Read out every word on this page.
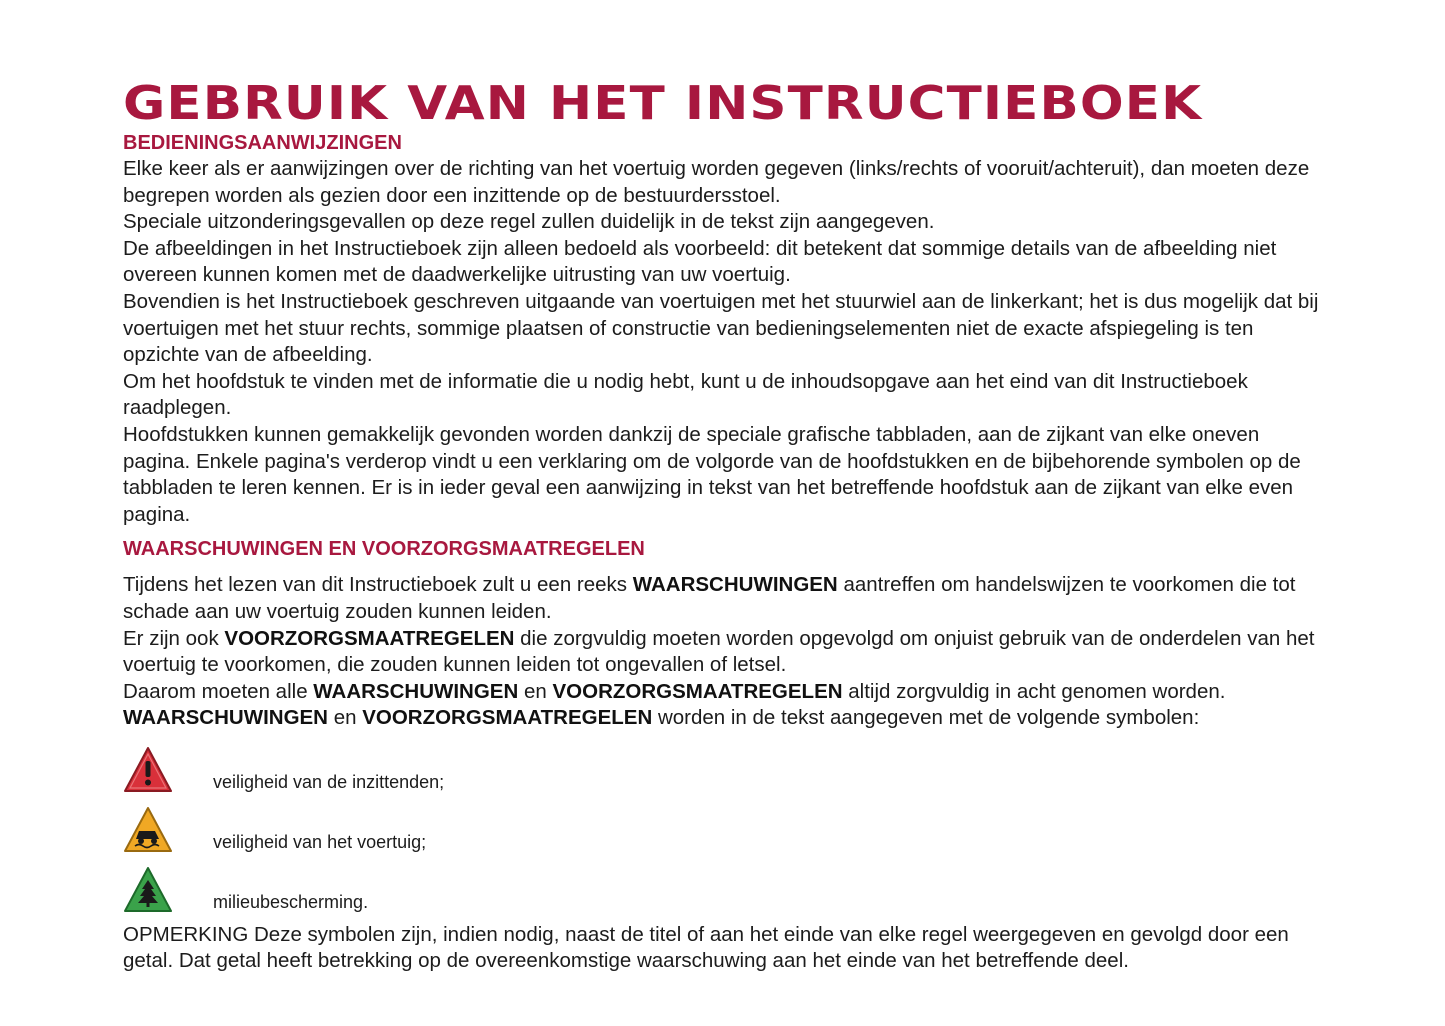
GEBRUIK VAN HET INSTRUCTIEBOEK
BEDIENINGSAANWIJZINGEN

Elke keer als er aanwijzingen over de richting van het voertuig worden gegeven (links/rechts of vooruit/achteruit), dan moeten deze begrepen worden als gezien door een inzittende op de bestuurdersstoel.

Speciale uitzonderingsgevallen op deze regel zullen duidelijk in de tekst zijn aangegeven.

De afbeeldingen in het Instructieboek zijn alleen bedoeld als voorbeeld: dit betekent dat sommige details van de afbeelding niet overeen kunnen komen met de daadwerkelijke uitrusting van uw voertuig.

Bovendien is het Instructieboek geschreven uitgaande van voertuigen met het stuurwiel aan de linkerkant; het is dus mogelijk dat bij voertuigen met het stuur rechts, sommige plaatsen of constructie van bedieningselementen niet de exacte afspiegeling is ten opzichte van de afbeelding.

Om het hoofdstuk te vinden met de informatie die u nodig hebt, kunt u de inhoudsopgave aan het eind van dit Instructieboek raadplegen.

Hoofdstukken kunnen gemakkelijk gevonden worden dankzij de speciale grafische tabbladen, aan de zijkant van elke oneven pagina. Enkele pagina's verderop vindt u een verklaring om de volgorde van de hoofdstukken en de bijbehorende symbolen op de tabbladen te leren kennen. Er is in ieder geval een aanwijzing in tekst van het betreffende hoofdstuk aan de zijkant van elke even pagina.

WAARSCHUWINGEN EN VOORZORGSMAATREGELEN

Tijdens het lezen van dit Instructieboek zult u een reeks WAARSCHUWINGEN aantreffen om handelswijzen te voorkomen die tot schade aan uw voertuig zouden kunnen leiden.

Er zijn ook VOORZORGSMAATREGELEN die zorgvuldig moeten worden opgevolgd om onjuist gebruik van de onderdelen van het voertuig te voorkomen, die zouden kunnen leiden tot ongevallen of letsel.

Daarom moeten alle WAARSCHUWINGEN en VOORZORGSMAATREGELEN altijd zorgvuldig in acht genomen worden.

WAARSCHUWINGEN en VOORZORGSMAATREGELEN worden in de tekst aangegeven met de volgende symbolen:

veiligheid van de inzittenden;
veiligheid van het voertuig;
milieubescherming.

OPMERKING Deze symbolen zijn, indien nodig, naast de titel of aan het einde van elke regel weergegeven en gevolgd door een getal. Dat getal heeft betrekking op de overeenkomstige waarschuwing aan het einde van het betreffende deel.
